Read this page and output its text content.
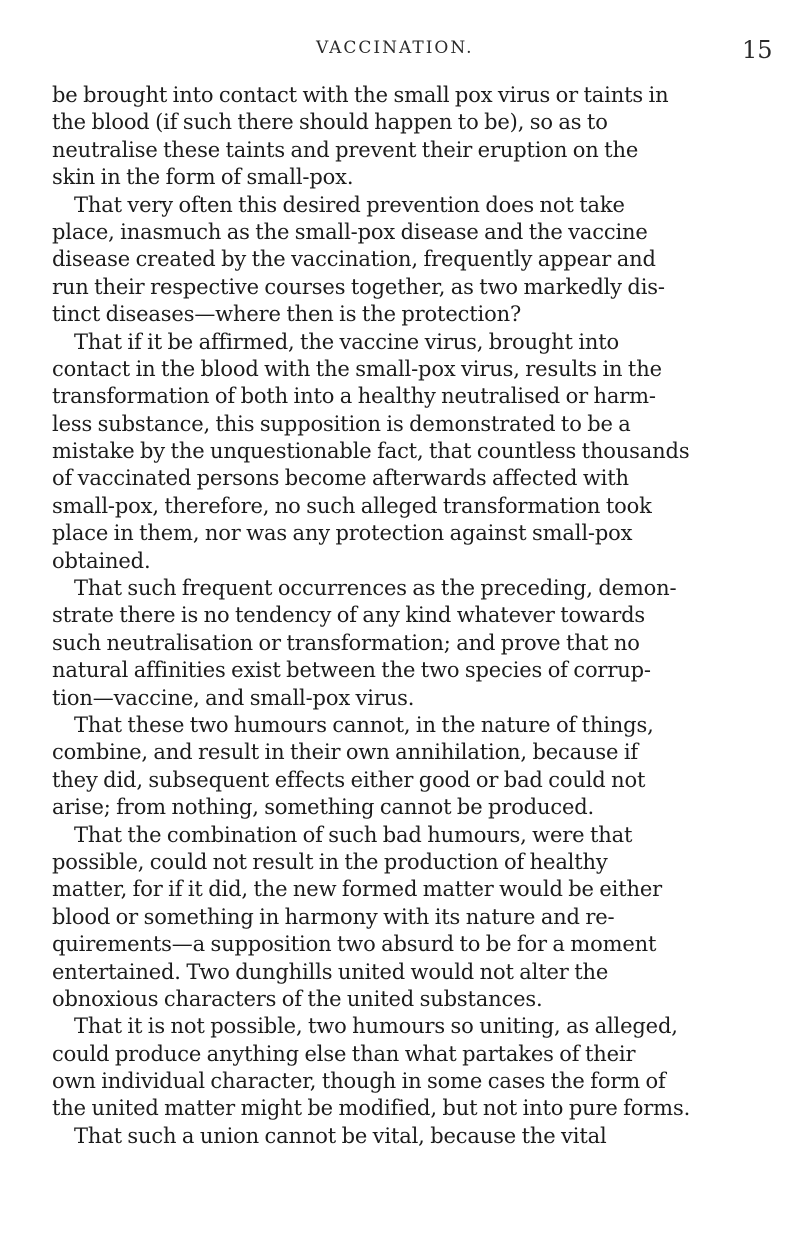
VACCINATION.	15
be brought into contact with the small pox virus or taints in
the blood (if such there should happen to be), so as to
neutralise these taints and prevent their eruption on the
skin in the form of small-pox.
That very often this desired prevention does not take
place, inasmuch as the small-pox disease and the vaccine
disease created by the vaccination, frequently appear and
run their respective courses together, as two markedly dis-
tinct diseases—where then is the protection?
That if it be affirmed, the vaccine virus, brought into
contact in the blood with the small-pox virus, results in the
transformation of both into a healthy neutralised or harm-
less substance, this supposition is demonstrated to be a
mistake by the unquestionable fact, that countless thousands
of vaccinated persons become afterwards affected with
small-pox, therefore, no such alleged transformation took
place in them, nor was any protection against small-pox
obtained.
That such frequent occurrences as the preceding, demon-
strate there is no tendency of any kind whatever towards
such neutralisation or transformation; and prove that no
natural affinities exist between the two species of corrup-
tion—vaccine, and small-pox virus.
That these two humours cannot, in the nature of things,
combine, and result in their own annihilation, because if
they did, subsequent effects either good or bad could not
arise; from nothing, something cannot be produced.
That the combination of such bad humours, were that
possible, could not result in the production of healthy
matter, for if it did, the new formed matter would be either
blood or something in harmony with its nature and re-
quirements—a supposition two absurd to be for a moment
entertained. Two dunghills united would not alter the
obnoxious characters of the united substances.
That it is not possible, two humours so uniting, as alleged,
could produce anything else than what partakes of their
own individual character, though in some cases the form of
the united matter might be modified, but not into pure forms.
That such a union cannot be vital, because the vital
